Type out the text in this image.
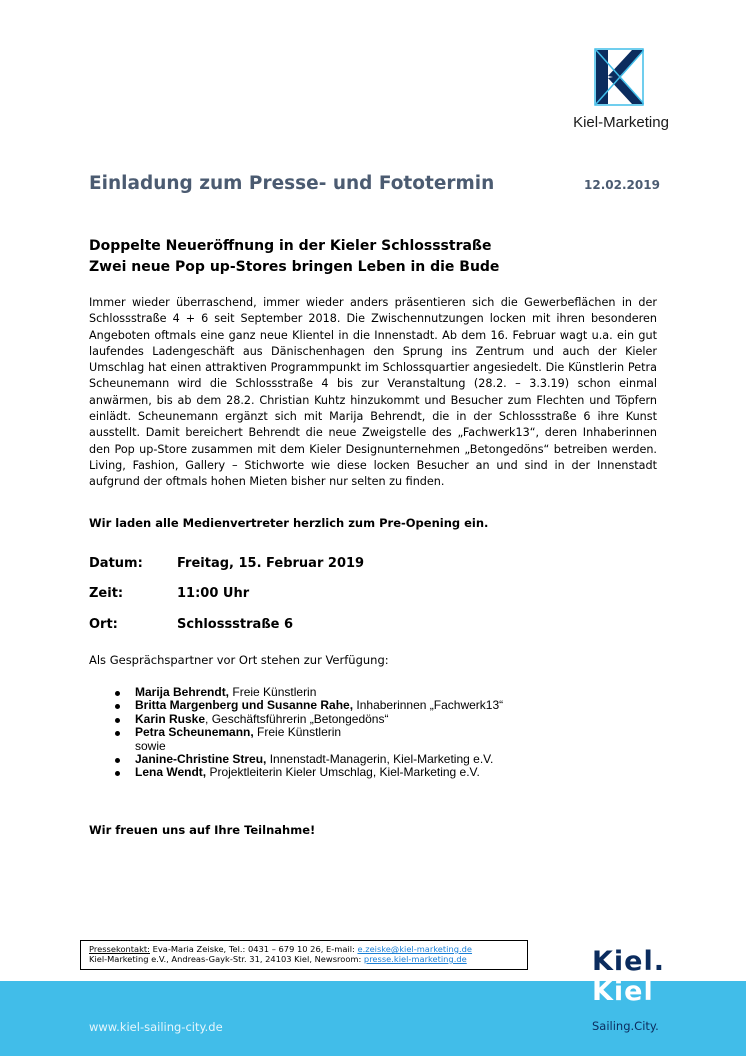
Kiel-Marketing
Einladung zum Presse- und Fototermin	12.02.2019
Doppelte Neueröffnung in der Kieler Schlossstraße
Zwei neue Pop up-Stores bringen Leben in die Bude
Immer wieder überraschend, immer wieder anders präsentieren sich die Gewerbeflächen in der Schlossstraße 4 + 6 seit September 2018. Die Zwischennutzungen locken mit ihren besonderen Angeboten oftmals eine ganz neue Klientel in die Innenstadt. Ab dem 16. Februar wagt u.a. ein gut laufendes Ladengeschäft aus Dänischenhagen den Sprung ins Zentrum und auch der Kieler Umschlag hat einen attraktiven Programmpunkt im Schlossquartier angesiedelt. Die Künstlerin Petra Scheunemann wird die Schlossstraße 4 bis zur Veranstaltung (28.2. – 3.3.19) schon einmal anwärmen, bis ab dem 28.2. Christian Kuhtz hinzukommt und Besucher zum Flechten und Töpfern einlädt. Scheunemann ergänzt sich mit Marija Behrendt, die in der Schlossstraße 6 ihre Kunst ausstellt. Damit bereichert Behrendt die neue Zweigstelle des „Fachwerk13“, deren Inhaberinnen den Pop up-Store zusammen mit dem Kieler Designunternehmen „Betongedöns“ betreiben werden. Living, Fashion, Gallery – Stichworte wie diese locken Besucher an und sind in der Innenstadt aufgrund der oftmals hohen Mieten bisher nur selten zu finden.
Wir laden alle Medienvertreter herzlich zum Pre-Opening ein.
Datum:	Freitag, 15. Februar 2019
Zeit:	11:00 Uhr
Ort:	Schlossstraße 6
Als Gesprächspartner vor Ort stehen zur Verfügung:
Marija Behrendt, Freie Künstlerin
Britta Margenberg und Susanne Rahe, Inhaberinnen „Fachwerk13“
Karin Ruske, Geschäftsführerin „Betongedöns“
Petra Scheunemann, Freie Künstlerin
sowie
Janine-Christine Streu, Innenstadt-Managerin, Kiel-Marketing e.V.
Lena Wendt, Projektleiterin Kieler Umschlag, Kiel-Marketing e.V.
Wir freuen uns auf Ihre Teilnahme!
www.kiel-sailing-city.de
Pressekontakt: Eva-Maria Zeiske, Tel.: 0431 – 679 10 26, E-mail: e.zeiske@kiel-marketing.de
Kiel-Marketing e.V., Andreas-Gayk-Str. 31, 24103 Kiel, Newsroom: presse.kiel-marketing.de	Kiel.
Kiel
Sailing.City.
